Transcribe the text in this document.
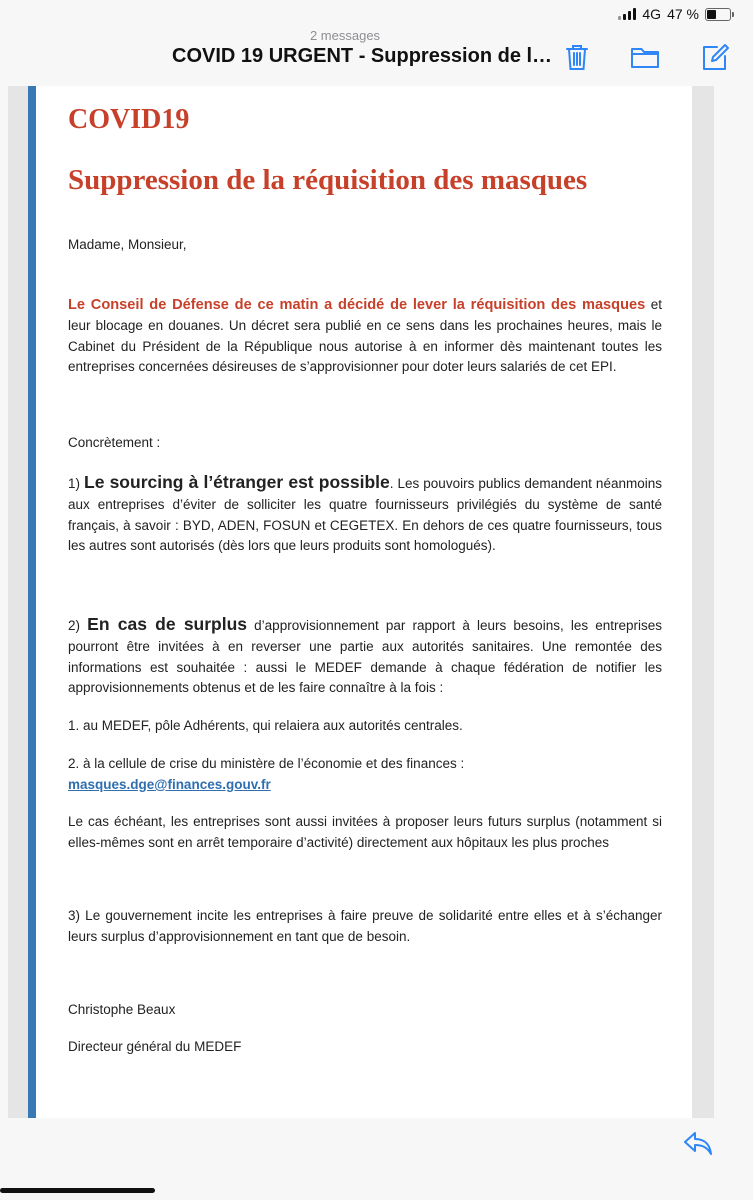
4G 47 %
2 messages
COVID 19 URGENT - Suppression de l…
COVID19
Suppression de la réquisition des masques

Madame, Monsieur,

Le Conseil de Défense de ce matin a décidé de lever la réquisition des masques et leur blocage en douanes. Un décret sera publié en ce sens dans les prochaines heures, mais le Cabinet du Président de la République nous autorise à en informer dès maintenant toutes les entreprises concernées désireuses de s’approvisionner pour doter leurs salariés de cet EPI.

Concrètement :

1) Le sourcing à l’étranger est possible. Les pouvoirs publics demandent néanmoins aux entreprises d’éviter de solliciter les quatre fournisseurs privilégiés du système de santé français, à savoir : BYD, ADEN, FOSUN et CEGETEX. En dehors de ces quatre fournisseurs, tous les autres sont autorisés (dès lors que leurs produits sont homologués).

2) En cas de surplus d’approvisionnement par rapport à leurs besoins, les entreprises pourront être invitées à en reverser une partie aux autorités sanitaires. Une remontée des informations est souhaitée : aussi le MEDEF demande à chaque fédération de notifier les approvisionnements obtenus et de les faire connaître à la fois :

1. au MEDEF, pôle Adhérents, qui relaiera aux autorités centrales.

2. à la cellule de crise du ministère de l’économie et des finances :

masques.dge@finances.gouv.fr

Le cas échéant, les entreprises sont aussi invitées à proposer leurs futurs surplus (notamment si elles-mêmes sont en arrêt temporaire d’activité) directement aux hôpitaux les plus proches

3) Le gouvernement incite les entreprises à faire preuve de solidarité entre elles et à s’échanger leurs surplus d’approvisionnement en tant que de besoin.

Christophe Beaux

Directeur général du MEDEF
